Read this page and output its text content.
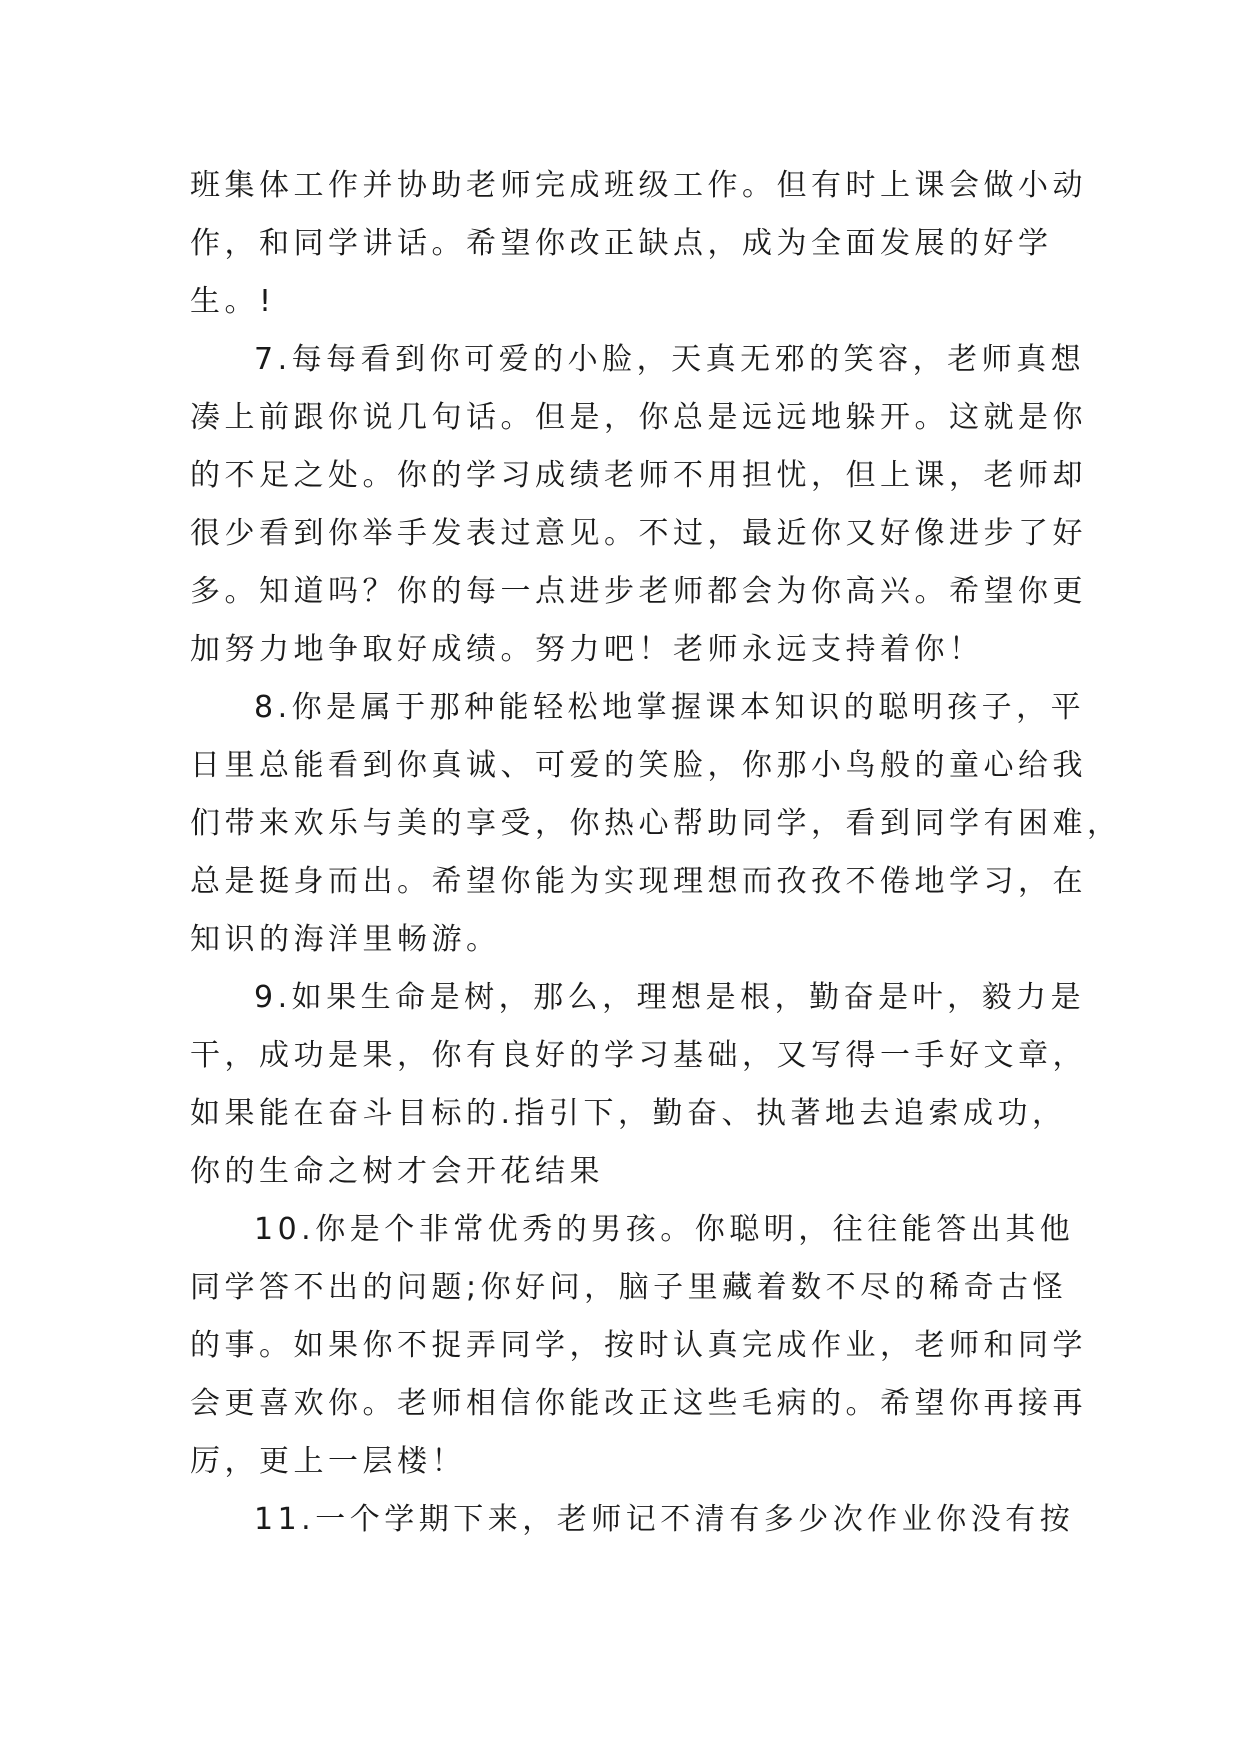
班集体工作并协助老师完成班级工作。但有时上课会做小动
作，和同学讲话。希望你改正缺点，成为全面发展的好学
生。!
7.每每看到你可爱的小脸，天真无邪的笑容，老师真想
凑上前跟你说几句话。但是，你总是远远地躲开。这就是你
的不足之处。你的学习成绩老师不用担忧，但上课，老师却
很少看到你举手发表过意见。不过，最近你又好像进步了好
多。知道吗？你的每一点进步老师都会为你高兴。希望你更
加努力地争取好成绩。努力吧！老师永远支持着你！
8.你是属于那种能轻松地掌握课本知识的聪明孩子，平
日里总能看到你真诚、可爱的笑脸，你那小鸟般的童心给我
们带来欢乐与美的享受，你热心帮助同学，看到同学有困难，
总是挺身而出。希望你能为实现理想而孜孜不倦地学习，在
知识的海洋里畅游。
9.如果生命是树，那么，理想是根，勤奋是叶，毅力是
干，成功是果，你有良好的学习基础，又写得一手好文章，
如果能在奋斗目标的.指引下，勤奋、执著地去追索成功，
你的生命之树才会开花结果
10.你是个非常优秀的男孩。你聪明，往往能答出其他
同学答不出的问题;你好问，脑子里藏着数不尽的稀奇古怪
的事。如果你不捉弄同学，按时认真完成作业，老师和同学
会更喜欢你。老师相信你能改正这些毛病的。希望你再接再
厉，更上一层楼！
11.一个学期下来，老师记不清有多少次作业你没有按
